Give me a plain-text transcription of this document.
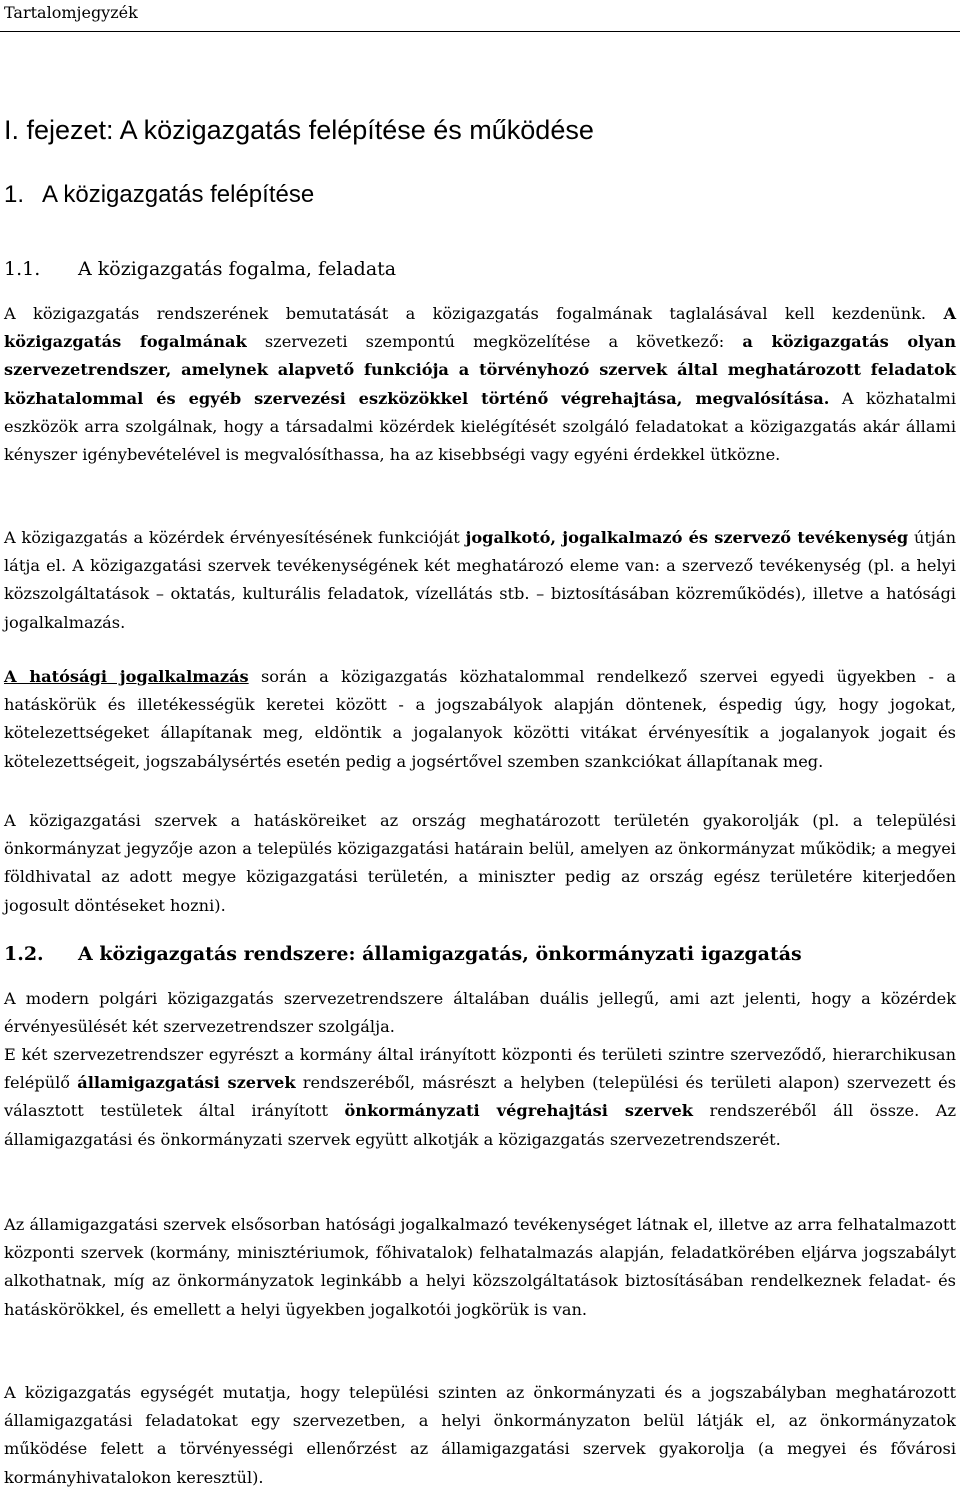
Tartalomjegyzék
I. fejezet: A közigazgatás felépítése és működése
1. A közigazgatás felépítése
1.1. A közigazgatás fogalma, feladata

A közigazgatás rendszerének bemutatását a közigazgatás fogalmának taglalásával kell kezdenünk. A közigazgatás fogalmának szervezeti szempontú megközelítése a következő: a közigazgatás olyan szervezetrendszer, amelynek alapvető funkciója a törvényhozó szervek által meghatározott feladatok közhatalommal és egyéb szervezési eszközökkel történő végrehajtása, megvalósítása. A közhatalmi eszközök arra szolgálnak, hogy a társadalmi közérdek kielégítését szolgáló feladatokat a közigazgatás akár állami kényszer igénybevételével is megvalósíthassa, ha az kisebbségi vagy egyéni érdekkel ütközne.

A közigazgatás a közérdek érvényesítésének funkcióját jogalkotó, jogalkalmazó és szervező tevékenység útján látja el. A közigazgatási szervek tevékenységének két meghatározó eleme van: a szervező tevékenység (pl. a helyi közszolgáltatások – oktatás, kulturális feladatok, vízellátás stb. – biztosításában közreműködés), illetve a hatósági jogalkalmazás.

A hatósági jogalkalmazás során a közigazgatás közhatalommal rendelkező szervei egyedi ügyekben - a hatáskörük és illetékességük keretei között - a jogszabályok alapján döntenek, éspedig úgy, hogy jogokat, kötelezettségeket állapítanak meg, eldöntik a jogalanyok közötti vitákat érvényesítik a jogalanyok jogait és kötelezettségeit, jogszabálysértés esetén pedig a jogsértővel szemben szankciókat állapítanak meg.

A közigazgatási szervek a hatásköreiket az ország meghatározott területén gyakorolják (pl. a települési önkormányzat jegyzője azon a település közigazgatási határain belül, amelyen az önkormányzat működik; a megyei földhivatal az adott megye közigazgatási területén, a miniszter pedig az ország egész területére kiterjedően jogosult döntéseket hozni).

1.2. A közigazgatás rendszere: államigazgatás, önkormányzati igazgatás

A modern polgári közigazgatás szervezetrendszere általában duális jellegű, ami azt jelenti, hogy a közérdek érvényesülését két szervezetrendszer szolgálja.

E két szervezetrendszer egyrészt a kormány által irányított központi és területi szintre szerveződő, hierarchikusan felépülő államigazgatási szervek rendszeréből, másrészt a helyben (települési és területi alapon) szervezett és választott testületek által irányított önkormányzati végrehajtási szervek rendszeréből áll össze. Az államigazgatási és önkormányzati szervek együtt alkotják a közigazgatás szervezetrendszerét.

Az államigazgatási szervek elsősorban hatósági jogalkalmazó tevékenységet látnak el, illetve az arra felhatalmazott központi szervek (kormány, minisztériumok, főhivatalok) felhatalmazás alapján, feladatkörében eljárva jogszabályt alkothatnak, míg az önkormányzatok leginkább a helyi közszolgáltatások biztosításában rendelkeznek feladat- és hatáskörökkel, és emellett a helyi ügyekben jogalkotói jogkörük is van.

A közigazgatás egységét mutatja, hogy települési szinten az önkormányzati és a jogszabályban meghatározott államigazgatási feladatokat egy szervezetben, a helyi önkormányzaton belül látják el, az önkormányzatok működése felett a törvényességi ellenőrzést az államigazgatási szervek gyakorolja (a megyei és fővárosi kormányhivatalokon keresztül).
